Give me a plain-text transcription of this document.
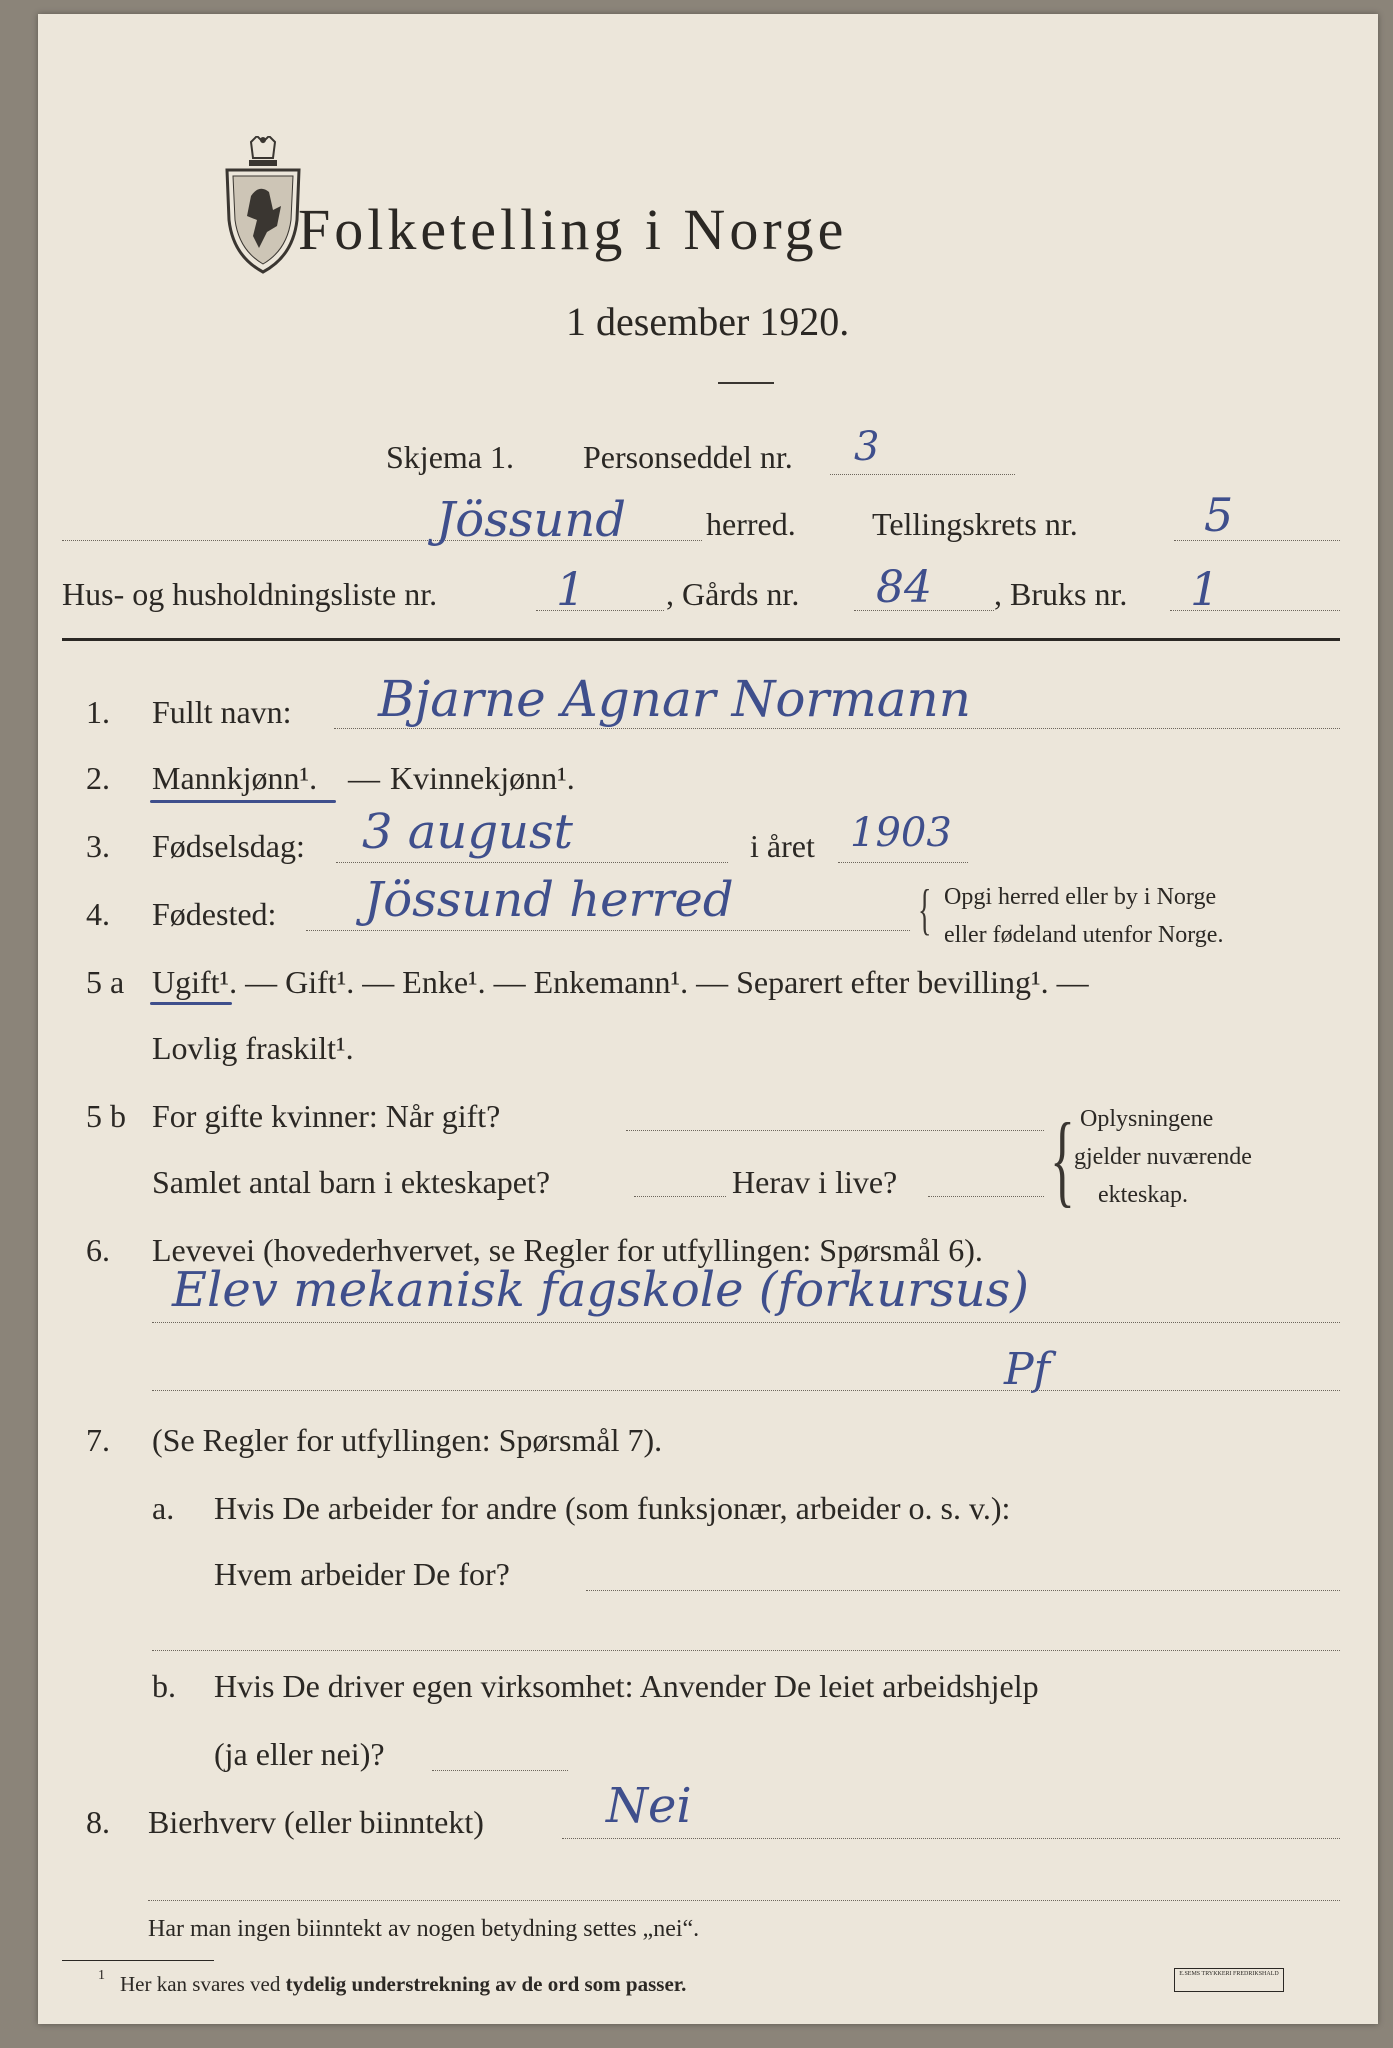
Folketelling i Norge
1 desember 1920.
Skjema 1. Personseddel nr. 3
Jössund	herred. Tellingskrets nr.	5
Hus- og husholdningsliste nr.	1	, Gårds nr. 84 , Bruks nr. 1
1. Fullt navn: Bjarne Agnar Normann
2. Mannkjønn¹. — Kvinnekjønn¹.
3. Fødselsdag: 3 august	i året 1903
4. Fødested: Jössund herred	{ Opgi herred eller by i Norge
eller fødeland utenfor Norge.
5 a Ugift¹. — Gift¹. — Enke¹. — Enkemann¹. — Separert efter bevilling¹. —
Lovlig fraskilt¹.
5 b For gifte kvinner: Når gift?
Samlet antal barn i ekteskapet?	Herav i live? { Oplysningene
gjelder nuværende
ekteskap.
6. Levevei (hovederhvervet, se Regler for utfyllingen: Spørsmål 6).
Elev mekanisk fagskole (forkursus)
Pf
7. (Se Regler for utfyllingen: Spørsmål 7).
a. Hvis De arbeider for andre (som funksjonær, arbeider o. s. v.):
Hvem arbeider De for?
b. Hvis De driver egen virksomhet: Anvender De leiet arbeidshjelp
(ja eller nei)?
8. Bierhverv (eller biinntekt)	Nei
Har man ingen biinntekt av nogen betydning settes „nei“.
1 Her kan svares ved tydelig understrekning av de ord som passer.	E.SEMS TRYKKERI FREDRIKSHALD
